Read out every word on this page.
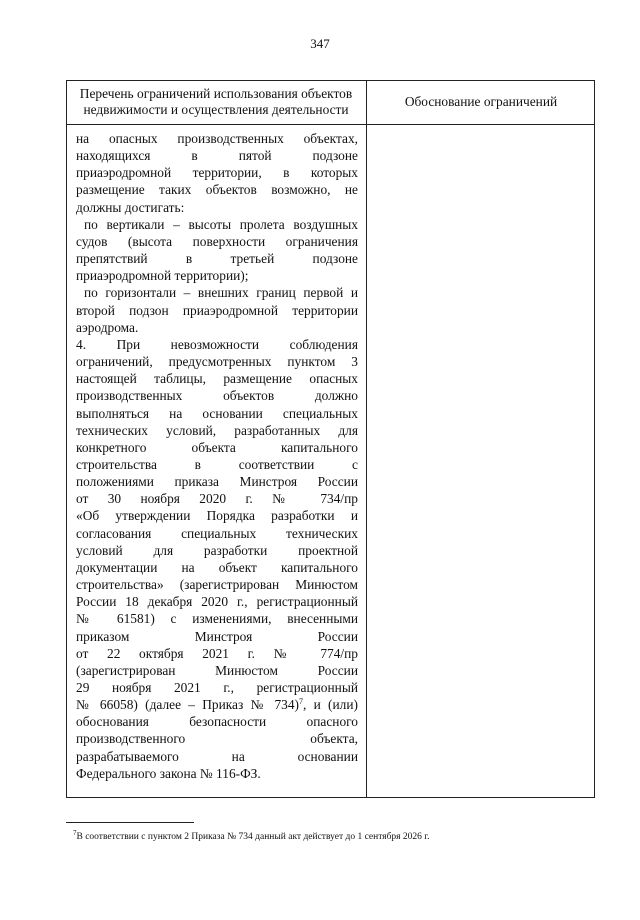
347
Перечень ограничений использования объектов
недвижимости и осуществления деятельности
Обоснование ограничений

на опасных производственных объектах,
находящихся в пятой подзоне
приаэродромной территории, в которых
размещение таких объектов возможно, не
должны достигать:

по вертикали – высоты пролета воздушных
судов (высота поверхности ограничения
препятствий в третьей подзоне
приаэродромной территории);

по горизонтали – внешних границ первой и
второй подзон приаэродромной территории
аэродрома.

4. При невозможности соблюдения
ограничений, предусмотренных пунктом 3
настоящей таблицы, размещение опасных
производственных объектов должно
выполняться на основании специальных
технических условий, разработанных для
конкретного объекта капитального
строительства в соответствии с
положениями приказа Минстроя России
от 30 ноября 2020 г. № 734/пр
«Об утверждении Порядка разработки и
согласования специальных технических
условий для разработки проектной
документации на объект капитального
строительства» (зарегистрирован Минюстом
России 18 декабря 2020 г., регистрационный
№ 61581) с изменениями, внесенными
приказом Минстроя России
от 22 октября 2021 г. № 774/пр
(зарегистрирован Минюстом России
29 ноября 2021 г., регистрационный
№ 66058) (далее – Приказ № 734)$^7$, и (или)
обоснования безопасности опасного
производственного объекта,
разрабатываемого на основании
Федерального закона № 116-ФЗ.

$^7$В соответствии с пунктом 2 Приказа № 734 данный акт действует до 1 сентября 2026 г.
